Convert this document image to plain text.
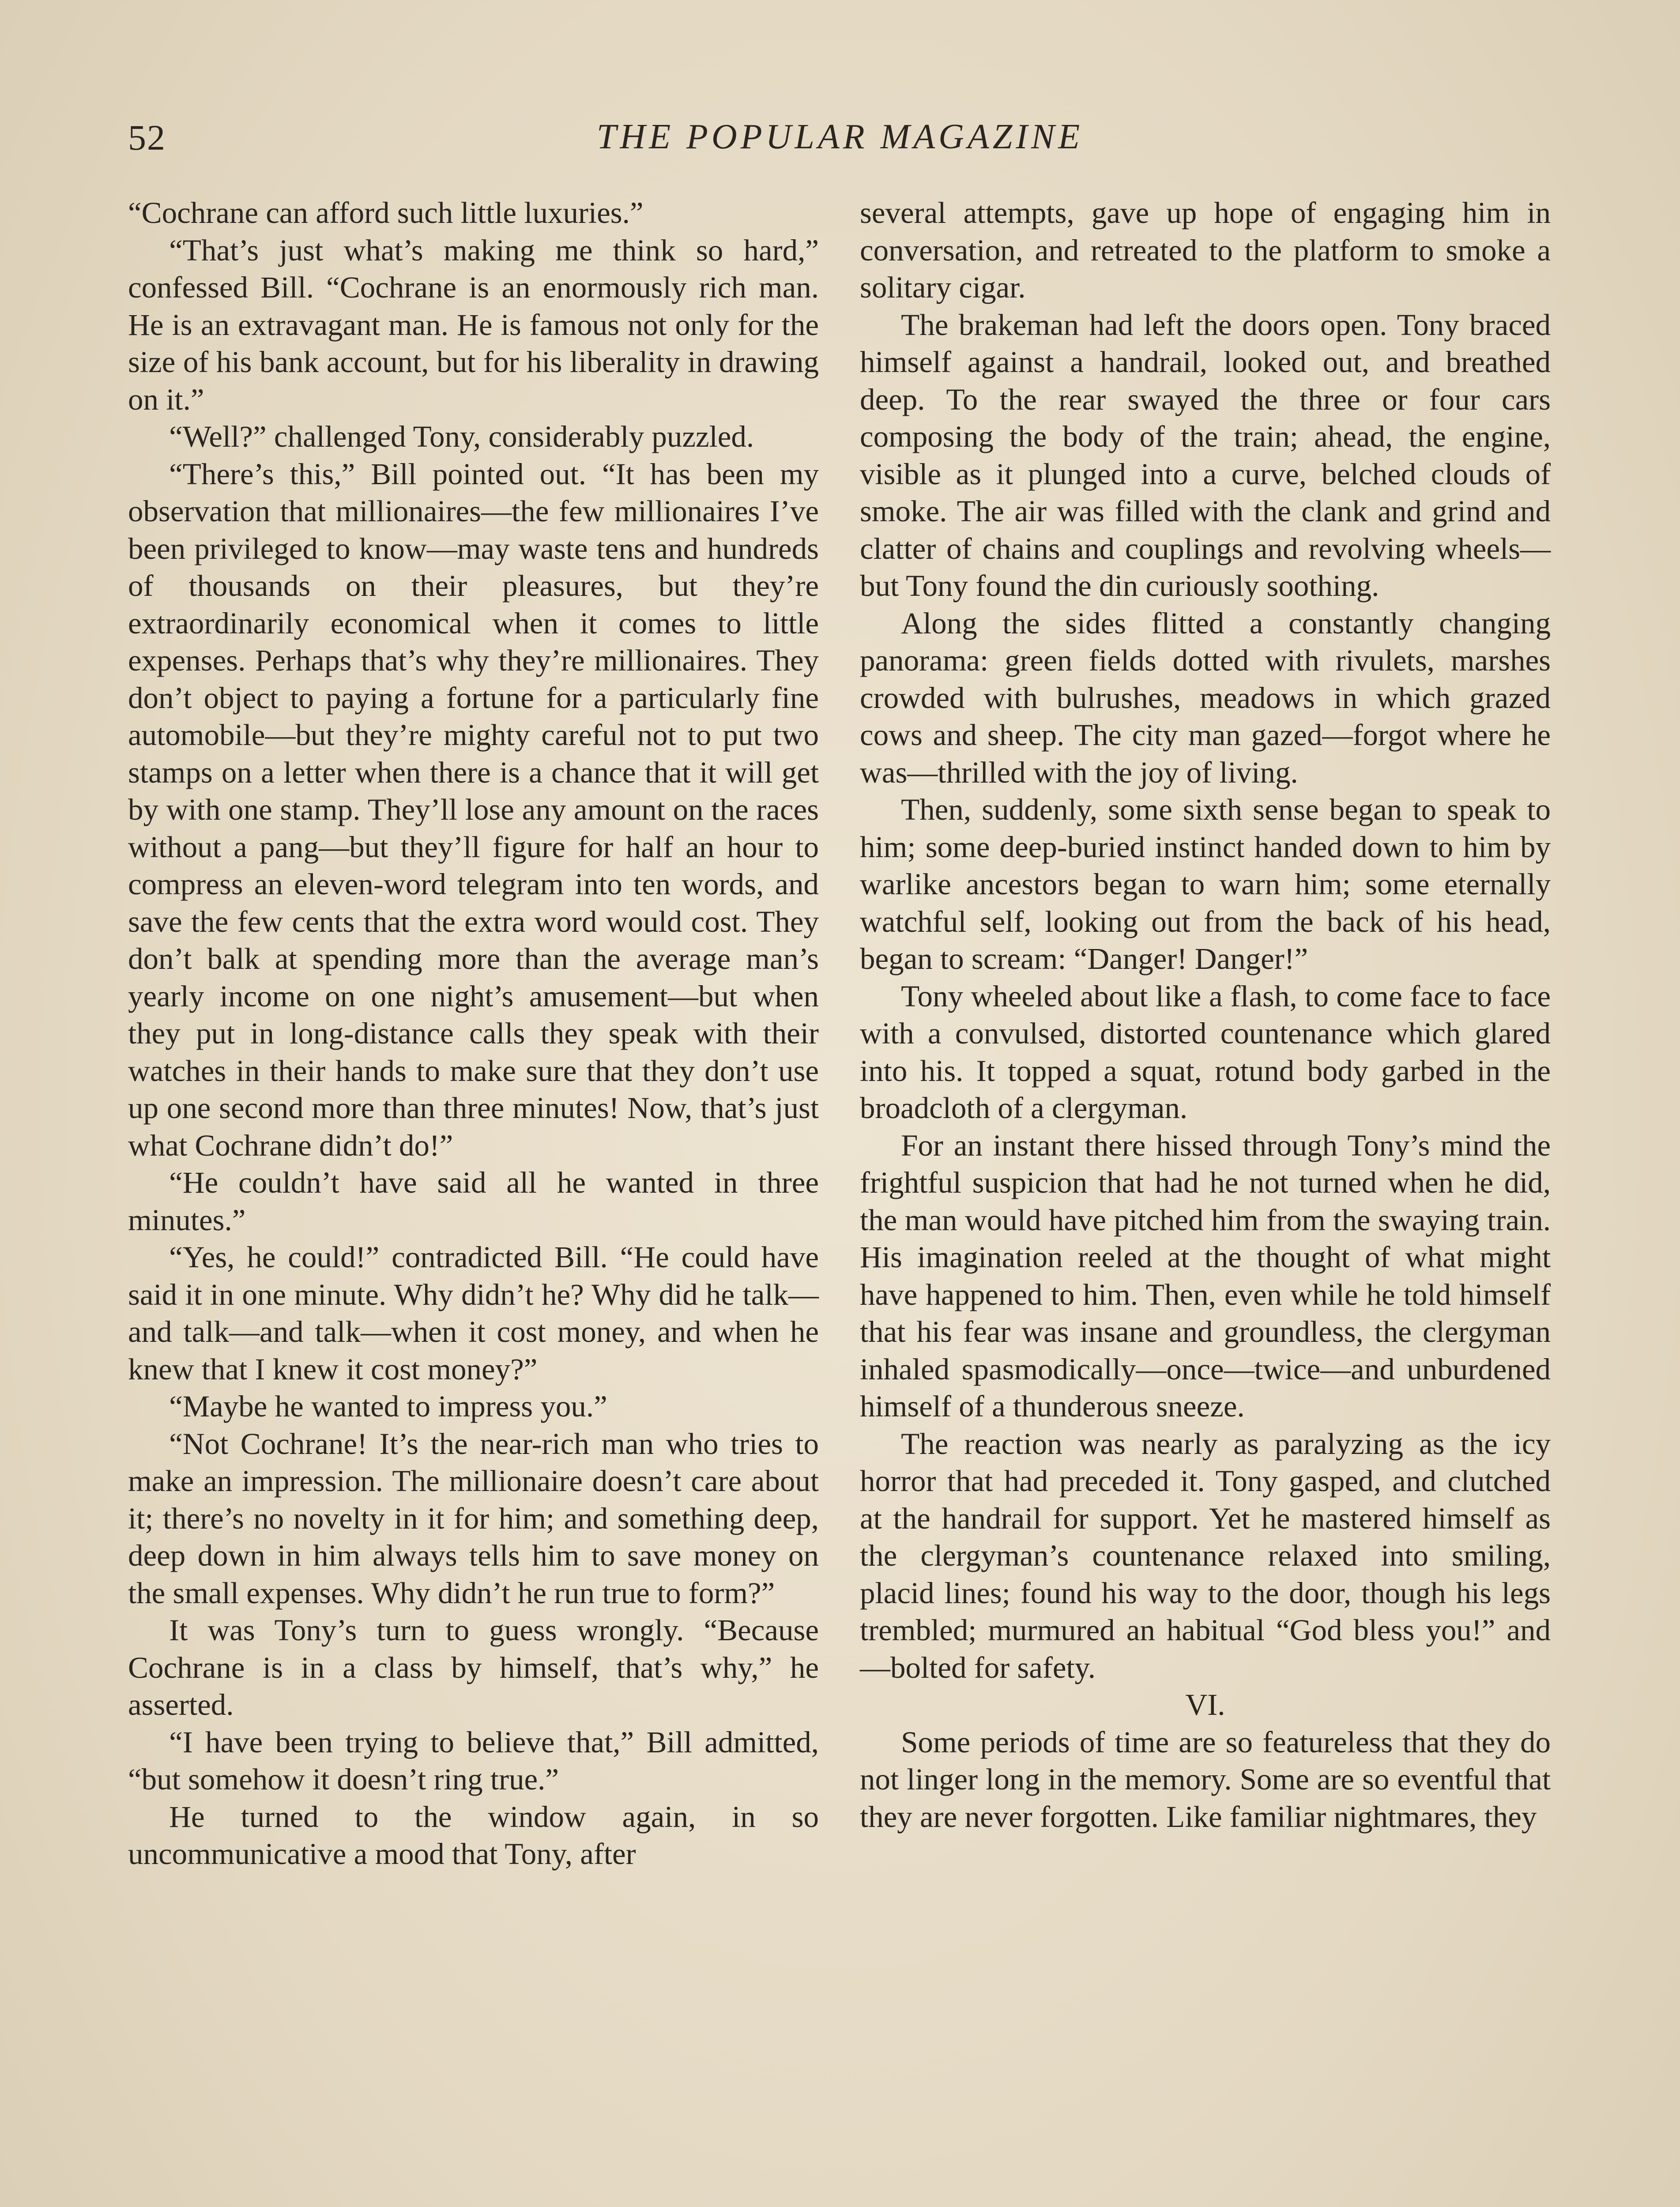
52	THE POPULAR MAGAZINE

“Cochrane can afford such little luxuries.”

“That’s just what’s making me think so hard,” confessed Bill. “Cochrane is an enormously rich man. He is an extravagant man. He is famous not only for the size of his bank account, but for his liberality in drawing on it.”

“Well?” challenged Tony, considerably puzzled.

“There’s this,” Bill pointed out. “It has been my observation that millionaires—the few millionaires I’ve been privileged to know—may waste tens and hundreds of thousands on their pleasures, but they’re extraordinarily economical when it comes to little expenses. Perhaps that’s why they’re millionaires. They don’t object to paying a fortune for a particularly fine automobile—but they’re mighty careful not to put two stamps on a letter when there is a chance that it will get by with one stamp. They’ll lose any amount on the races without a pang—but they’ll figure for half an hour to compress an eleven-word telegram into ten words, and save the few cents that the extra word would cost. They don’t balk at spending more than the average man’s yearly income on one night’s amusement—but when they put in long-distance calls they speak with their watches in their hands to make sure that they don’t use up one second more than three minutes! Now, that’s just what Cochrane didn’t do!”

“He couldn’t have said all he wanted in three minutes.”

“Yes, he could!” contradicted Bill. “He could have said it in one minute. Why didn’t he? Why did he talk—and talk—and talk—when it cost money, and when he knew that I knew it cost money?”

“Maybe he wanted to impress you.”

“Not Cochrane! It’s the near-rich man who tries to make an impression. The millionaire doesn’t care about it; there’s no novelty in it for him; and something deep, deep down in him always tells him to save money on the small expenses. Why didn’t he run true to form?”

It was Tony’s turn to guess wrongly. “Because Cochrane is in a class by himself, that’s why,” he asserted.

“I have been trying to believe that,” Bill admitted, “but somehow it doesn’t ring true.”

He turned to the window again, in so uncommunicative a mood that Tony, after

several attempts, gave up hope of engaging him in conversation, and retreated to the platform to smoke a solitary cigar.

The brakeman had left the doors open. Tony braced himself against a handrail, looked out, and breathed deep. To the rear swayed the three or four cars composing the body of the train; ahead, the engine, visible as it plunged into a curve, belched clouds of smoke. The air was filled with the clank and grind and clatter of chains and couplings and revolving wheels—but Tony found the din curiously soothing.

Along the sides flitted a constantly changing panorama: green fields dotted with rivulets, marshes crowded with bulrushes, meadows in which grazed cows and sheep. The city man gazed—forgot where he was—thrilled with the joy of living.

Then, suddenly, some sixth sense began to speak to him; some deep-buried instinct handed down to him by warlike ancestors began to warn him; some eternally watchful self, looking out from the back of his head, began to scream: “Danger! Danger!”

Tony wheeled about like a flash, to come face to face with a convulsed, distorted countenance which glared into his. It topped a squat, rotund body garbed in the broadcloth of a clergyman.

For an instant there hissed through Tony’s mind the frightful suspicion that had he not turned when he did, the man would have pitched him from the swaying train. His imagination reeled at the thought of what might have happened to him. Then, even while he told himself that his fear was insane and groundless, the clergyman inhaled spasmodically—once—twice—and unburdened himself of a thunderous sneeze.

The reaction was nearly as paralyzing as the icy horror that had preceded it. Tony gasped, and clutched at the handrail for support. Yet he mastered himself as the clergyman’s countenance relaxed into smiling, placid lines; found his way to the door, though his legs trembled; murmured an habitual “God bless you!” and—bolted for safety.

VI.

Some periods of time are so featureless that they do not linger long in the memory. Some are so eventful that they are never forgotten. Like familiar nightmares, they
